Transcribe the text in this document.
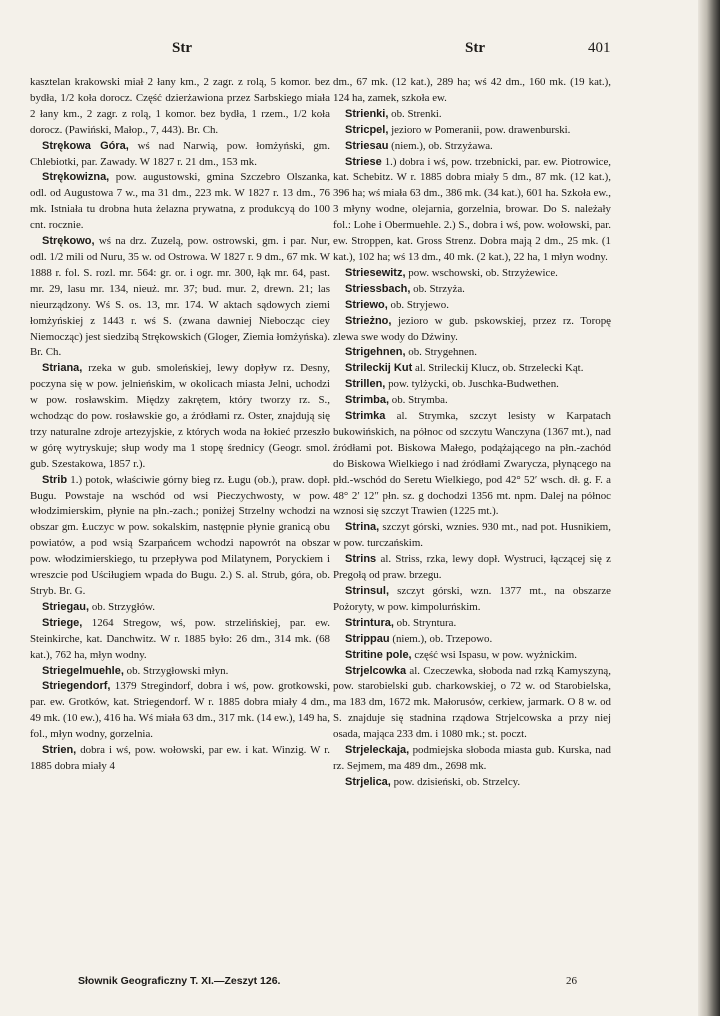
Str	Str	401

kasztelan krakowski miał 2 łany km., 2 zagr. z rolą, 5 komor. bez bydła, 1/2 koła dorocz. Część dzierżawiona przez Sarbskiego miała 2 łany km., 2 zagr. z rolą, 1 komor. bez bydła, 1 rzem., 1/2 koła dorocz. (Pawiński, Małop., 7, 443). Br. Ch.

Strękowa Góra, wś nad Narwią, pow. łomżyński, gm. Chlebiotki, par. Zawady. W 1827 r. 21 dm., 153 mk.

Strękowizna, pow. augustowski, gmina Szczebro Olszanka, odl. od Augustowa 7 w., ma 31 dm., 223 mk. W 1827 r. 13 dm., 76 mk. Istniała tu drobna huta żelazna prywatna, z produkcyą do 100 cnt. rocznie.

Strękowo, wś na drz. Zuzelą, pow. ostrowski, gm. i par. Nur, odl. 1/2 mili od Nuru, 35 w. od Ostrowa. W 1827 r. 9 dm., 67 mk. W 1888 r. fol. S. rozl. mr. 564: gr. or. i ogr. mr. 300, łąk mr. 64, past. mr. 29, lasu mr. 134, nieuż. mr. 37; bud. mur. 2, drewn. 21; las nieurządzony. Wś S. os. 13, mr. 174. W aktach sądowych ziemi łomżyńskiej z 1443 r. wś S. (zwana dawniej Niebocząc ciey Niemocząc) jest siedzibą Strękowskich (Gloger, Ziemia łomżyńska). Br. Ch.

Striana, rzeka w gub. smoleńskiej, lewy dopływ rz. Desny, poczyna się w pow. jelnieńskim, w okolicach miasta Jelni, uchodzi w pow. rosławskim. Między zakrętem, który tworzy rz. S., wchodząc do pow. rosławskie go, a źródłami rz. Oster, znajdują się trzy naturalne zdroje artezyjskie, z których woda na łokieć przeszło w górę wytryskuje; słup wody ma 1 stopę średnicy (Geogr. smol. gub. Szestakowa, 1857 r.).

Strib 1.) potok, właściwie górny bieg rz. Ługu (ob.), praw. dopł. Bugu. Powstaje na wschód od wsi Pieczychwosty, w pow. włodzimierskim, płynie na płn.-zach.; poniżej Strzelny wchodzi na obszar gm. Łuczyc w pow. sokalskim, następnie płynie granicą obu powiatów, a pod wsią Szarpańcem wchodzi napowrót na obszar pow. włodzimierskiego, tu przepływa pod Milatynem, Poryckiem i wreszcie pod Uściługiem wpada do Bugu. 2.) S. al. Strub, góra, ob. Stryb. Br. G.

Striegau, ob. Strzygłów.

Striege, 1264 Stregow, wś, pow. strzelińskiej, par. ew. Steinkirche, kat. Danchwitz. W r. 1885 było: 26 dm., 314 mk. (68 kat.), 762 ha, młyn wodny.

Striegelmuehle, ob. Strzygłowski młyn.

Striegendorf, 1379 Stregindorf, dobra i wś, pow. grotkowski, par. ew. Grotków, kat. Striegendorf. W r. 1885 dobra miały 4 dm., 49 mk. (10 ew.), 416 ha. Wś miała 63 dm., 317 mk. (14 ew.), 149 ha, fol., młyn wodny, gorzelnia.

Strien, dobra i wś, pow. wołowski, par ew. i kat. Winzig. W r. 1885 dobra miały 4

dm., 67 mk. (12 kat.), 289 ha; wś 42 dm., 160 mk. (19 kat.), 124 ha, zamek, szkoła ew.

Strienki, ob. Strenki.

Stricpel, jezioro w Pomeranii, pow. drawenburski.

Striesau (niem.), ob. Strzyżawa.

Striese 1.) dobra i wś, pow. trzebnicki, par. ew. Piotrowice, kat. Schebitz. W r. 1885 dobra miały 5 dm., 87 mk. (12 kat.), 396 ha; wś miała 63 dm., 386 mk. (34 kat.), 601 ha. Szkoła ew., 3 młyny wodne, olejarnia, gorzelnia, browar. Do S. należały fol.: Lohe i Obermuehle. 2.) S., dobra i wś, pow. wołowski, par. ew. Stroppen, kat. Gross Strenz. Dobra mają 2 dm., 25 mk. (1 kat.), 102 ha; wś 13 dm., 40 mk. (2 kat.), 22 ha, 1 młyn wodny.

Striesewitz, pow. wschowski, ob. Strzyżewice.

Striessbach, ob. Strzyża.

Striewo, ob. Stryjewo.

Strieżno, jezioro w gub. pskowskiej, przez rz. Toropę zlewa swe wody do Dźwiny.

Strigehnen, ob. Strygehnen.

Strileckij Kut al. Strileckij Klucz, ob. Strzelecki Kąt.

Strillen, pow. tylżycki, ob. Juschka-Budwethen.

Strimba, ob. Strymba.

Strimka al. Strymka, szczyt lesisty w Karpatach bukowińskich, na północ od szczytu Wanczyna (1367 mt.), nad źródłami pot. Biskowa Małego, podążającego na płn.-zachód do Biskowa Wielkiego i nad źródłami Zwarycza, płynącego na płd.-wschód do Seretu Wielkiego, pod 42° 52′ wsch. dł. g. F. a 48° 2′ 12″ płn. sz. g dochodzi 1356 mt. npm. Dalej na północ wznosi się szczyt Trawien (1225 mt.).

Strina, szczyt górski, wznies. 930 mt., nad pot. Husnikiem, w pow. turczańskim.

Strins al. Striss, rzka, lewy dopł. Wystruci, łączącej się z Pregołą od praw. brzegu.

Strinsul, szczyt górski, wzn. 1377 mt., na obszarze Pożoryty, w pow. kimpolurńskim.

Strintura, ob. Stryntura.

Strippau (niem.), ob. Trzepowo.

Stritine pole, część wsi Ispasu, w pow. wyżnickim.

Strjelcowka al. Czeczewka, słoboda nad rzką Kamyszyną, pow. starobielski gub. charkowskiej, o 72 w. od Starobielska, ma 183 dm, 1672 mk. Małorusów, cerkiew, jarmark. O 8 w. od S. znajduje się stadnina rządowa Strjelcowska a przy niej osada, mająca 233 dm. i 1080 mk.; st. poczt.

Strjeleckaja, podmiejska słoboda miasta gub. Kurska, nad rz. Sejmem, ma 489 dm., 2698 mk.

Strjelica, pow. dzisieński, ob. Strzelcy.

Słownik Geograficzny T. XI.—Zeszyt 126.	26
